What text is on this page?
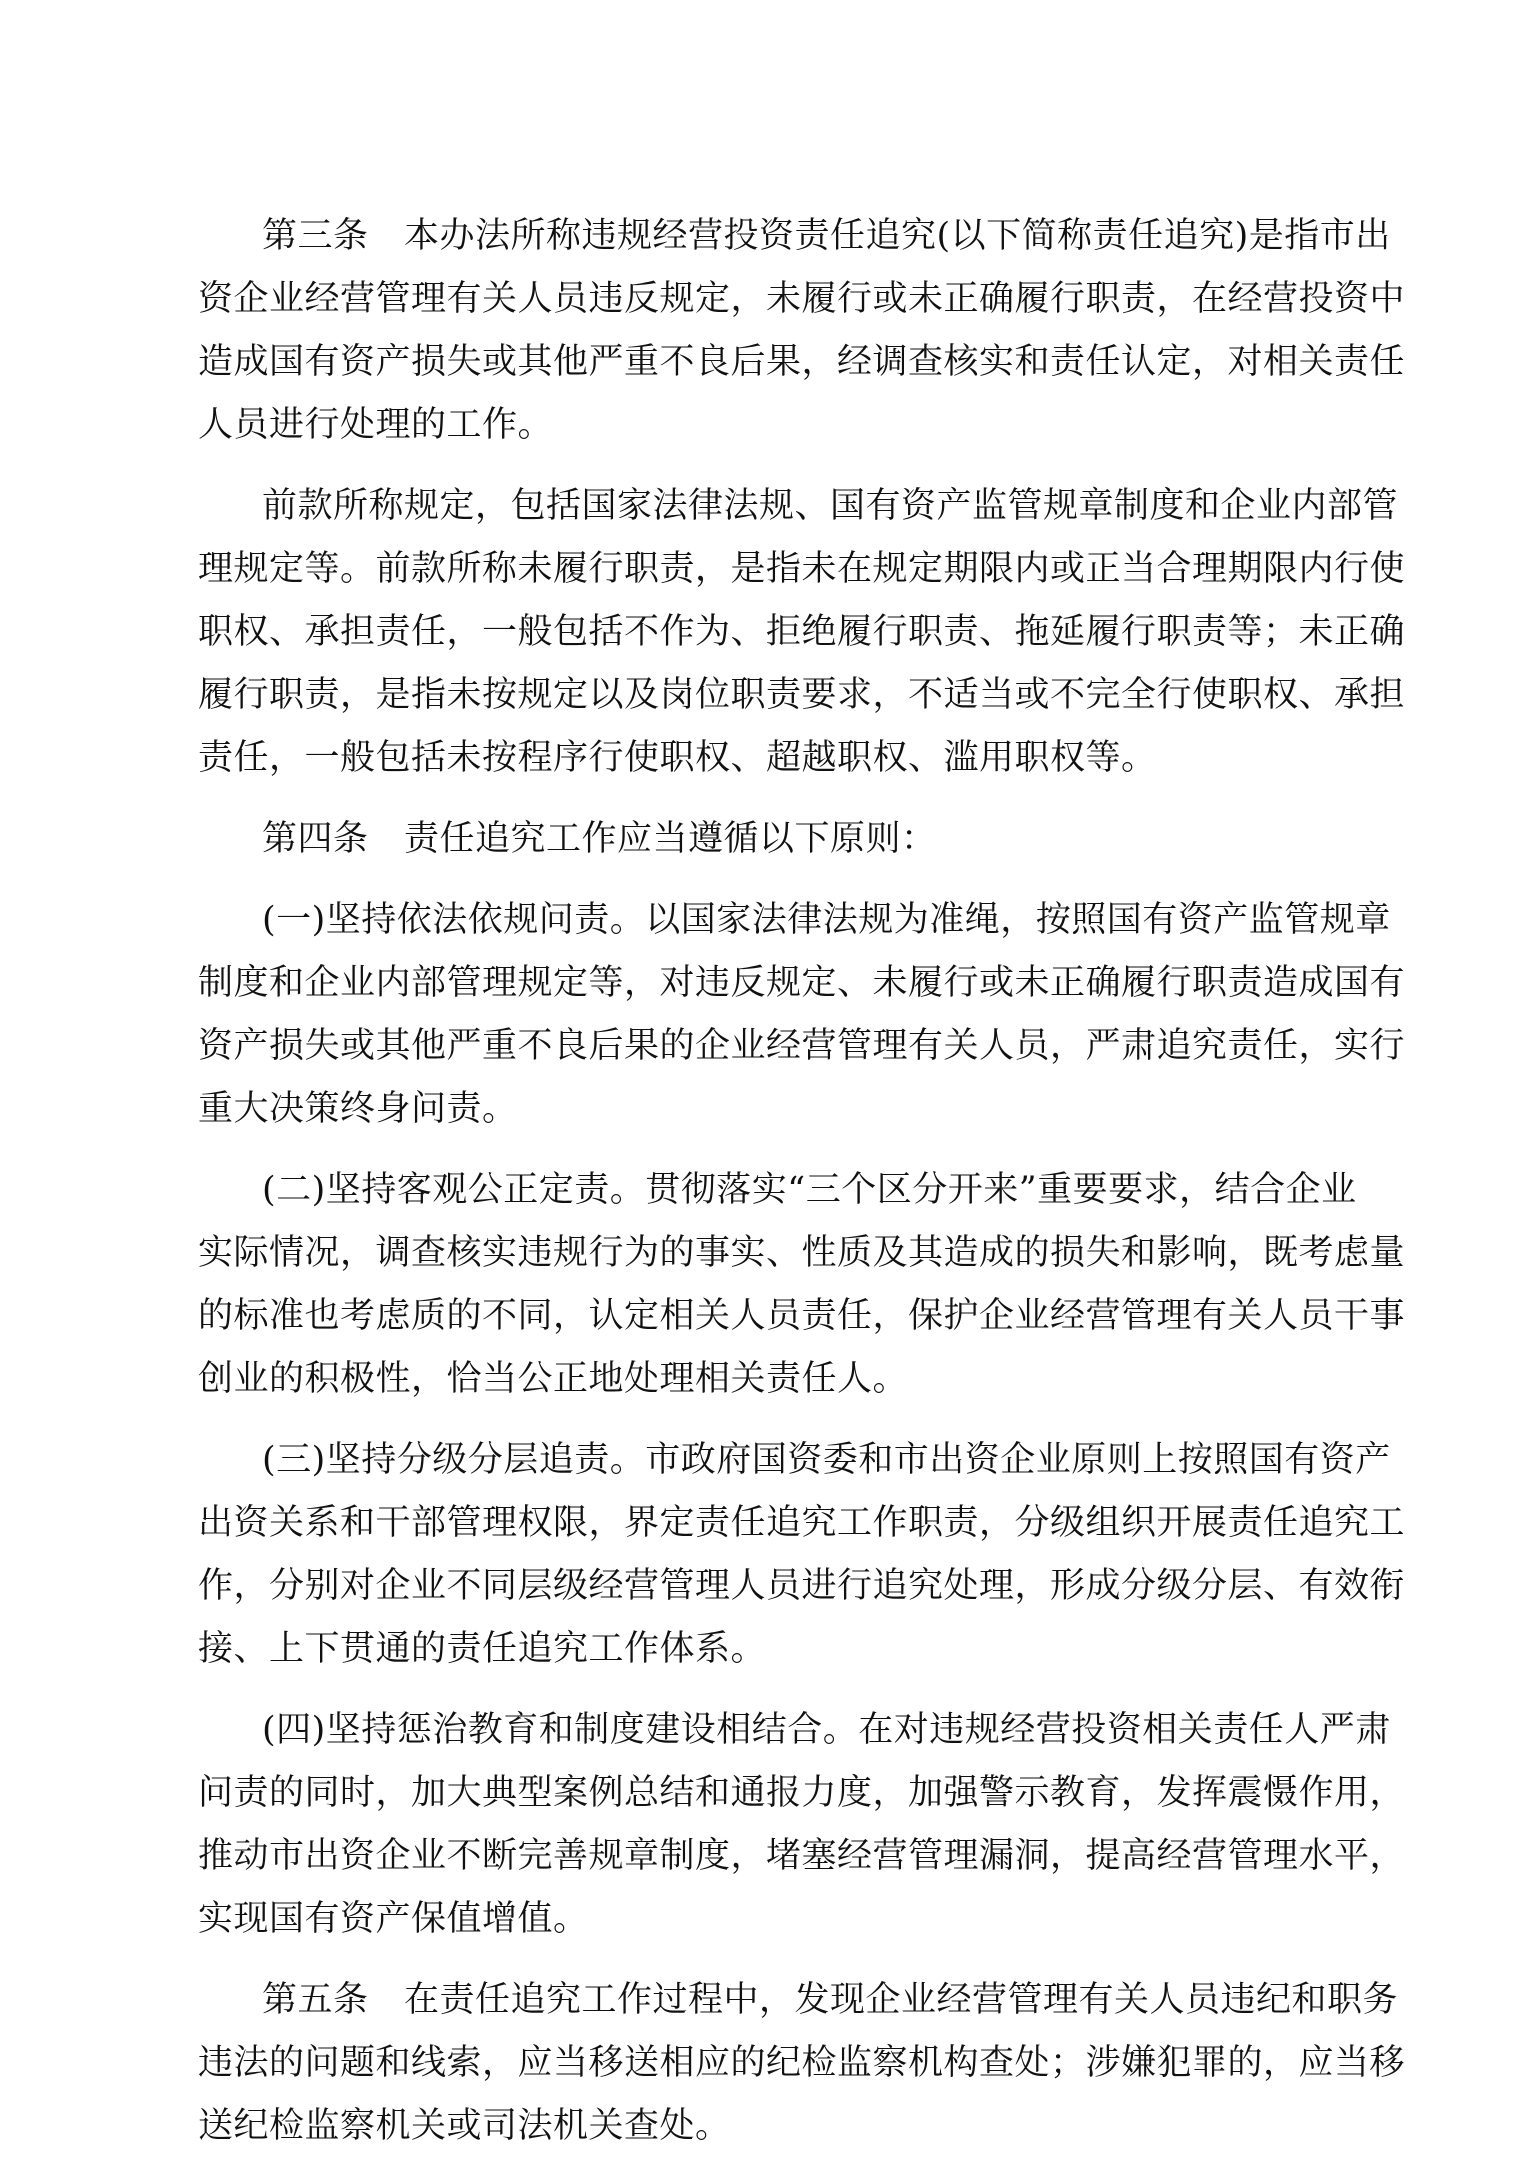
第三条　本办法所称违规经营投资责任追究(以下简称责任追究)是指市出
资企业经营管理有关人员违反规定，未履行或未正确履行职责，在经营投资中
造成国有资产损失或其他严重不良后果，经调查核实和责任认定，对相关责任
人员进行处理的工作。
前款所称规定，包括国家法律法规、国有资产监管规章制度和企业内部管
理规定等。前款所称未履行职责，是指未在规定期限内或正当合理期限内行使
职权、承担责任，一般包括不作为、拒绝履行职责、拖延履行职责等；未正确
履行职责，是指未按规定以及岗位职责要求，不适当或不完全行使职权、承担
责任，一般包括未按程序行使职权、超越职权、滥用职权等。
第四条　责任追究工作应当遵循以下原则：
(一)坚持依法依规问责。以国家法律法规为准绳，按照国有资产监管规章
制度和企业内部管理规定等，对违反规定、未履行或未正确履行职责造成国有
资产损失或其他严重不良后果的企业经营管理有关人员，严肃追究责任，实行
重大决策终身问责。
(二)坚持客观公正定责。贯彻落实“三个区分开来”重要要求，结合企业
实际情况，调查核实违规行为的事实、性质及其造成的损失和影响，既考虑量
的标准也考虑质的不同，认定相关人员责任，保护企业经营管理有关人员干事
创业的积极性，恰当公正地处理相关责任人。
(三)坚持分级分层追责。市政府国资委和市出资企业原则上按照国有资产
出资关系和干部管理权限，界定责任追究工作职责，分级组织开展责任追究工
作，分别对企业不同层级经营管理人员进行追究处理，形成分级分层、有效衔
接、上下贯通的责任追究工作体系。
(四)坚持惩治教育和制度建设相结合。在对违规经营投资相关责任人严肃
问责的同时，加大典型案例总结和通报力度，加强警示教育，发挥震慑作用，
推动市出资企业不断完善规章制度，堵塞经营管理漏洞，提高经营管理水平，
实现国有资产保值增值。
第五条　在责任追究工作过程中，发现企业经营管理有关人员违纪和职务
违法的问题和线索，应当移送相应的纪检监察机构查处；涉嫌犯罪的，应当移
送纪检监察机关或司法机关查处。
